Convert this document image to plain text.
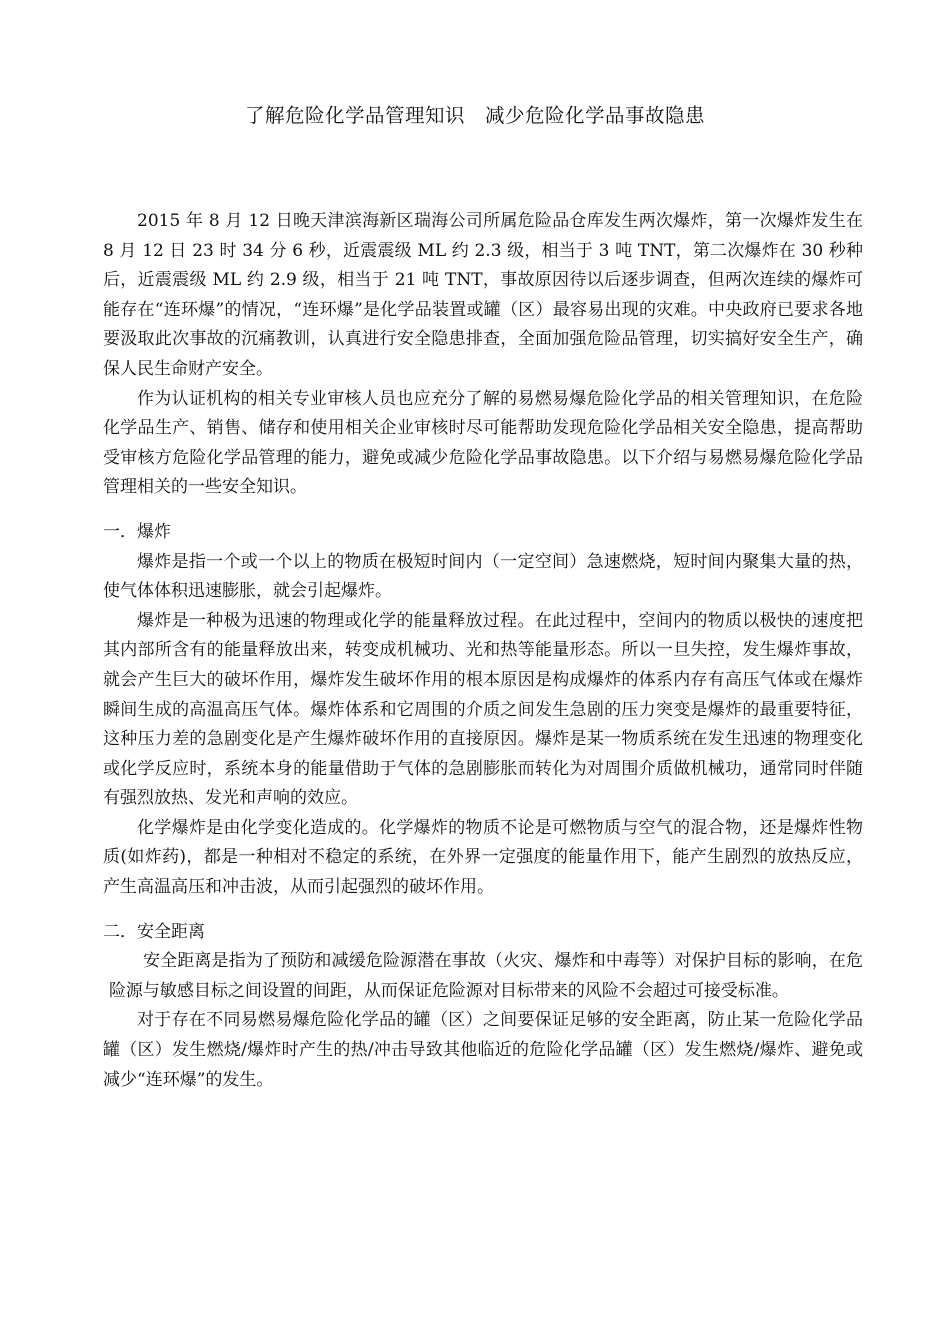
了解危险化学品管理知识　减少危险化学品事故隐患

2015 年 8 月 12 日晚天津滨海新区瑞海公司所属危险品仓库发生两次爆炸，第一次爆炸发生在 8 月 12 日 23 时 34 分 6 秒，近震震级 ML 约 2.3 级，相当于 3 吨 TNT，第二次爆炸在 30 秒种后，近震震级 ML 约 2.9 级，相当于 21 吨 TNT，事故原因待以后逐步调查，但两次连续的爆炸可能存在“连环爆”的情况，“连环爆”是化学品装置或罐（区）最容易出现的灾难。中央政府已要求各地要汲取此次事故的沉痛教训，认真进行安全隐患排查，全面加强危险品管理，切实搞好安全生产，确保人民生命财产安全。

作为认证机构的相关专业审核人员也应充分了解的易燃易爆危险化学品的相关管理知识，在危险化学品生产、销售、储存和使用相关企业审核时尽可能帮助发现危险化学品相关安全隐患，提高帮助受审核方危险化学品管理的能力，避免或减少危险化学品事故隐患。以下介绍与易燃易爆危险化学品管理相关的一些安全知识。

一．爆炸

爆炸是指一个或一个以上的物质在极短时间内（一定空间）急速燃烧，短时间内聚集大量的热，使气体体积迅速膨胀，就会引起爆炸。

爆炸是一种极为迅速的物理或化学的能量释放过程。在此过程中，空间内的物质以极快的速度把其内部所含有的能量释放出来，转变成机械功、光和热等能量形态。所以一旦失控，发生爆炸事故，就会产生巨大的破坏作用，爆炸发生破坏作用的根本原因是构成爆炸的体系内存有高压气体或在爆炸瞬间生成的高温高压气体。爆炸体系和它周围的介质之间发生急剧的压力突变是爆炸的最重要特征，这种压力差的急剧变化是产生爆炸破坏作用的直接原因。爆炸是某一物质系统在发生迅速的物理变化或化学反应时，系统本身的能量借助于气体的急剧膨胀而转化为对周围介质做机械功，通常同时伴随有强烈放热、发光和声响的效应。

化学爆炸是由化学变化造成的。化学爆炸的物质不论是可燃物质与空气的混合物，还是爆炸性物质(如炸药)，都是一种相对不稳定的系统，在外界一定强度的能量作用下，能产生剧烈的放热反应，产生高温高压和冲击波，从而引起强烈的破坏作用。

二．安全距离

安全距离是指为了预防和减缓危险源潜在事故（火灾、爆炸和中毒等）对保护目标的影响，在危险源与敏感目标之间设置的间距，从而保证危险源对目标带来的风险不会超过可接受标准。

对于存在不同易燃易爆危险化学品的罐（区）之间要保证足够的安全距离，防止某一危险化学品罐（区）发生燃烧/爆炸时产生的热/冲击导致其他临近的危险化学品罐（区）发生燃烧/爆炸、避免或减少“连环爆”的发生。
